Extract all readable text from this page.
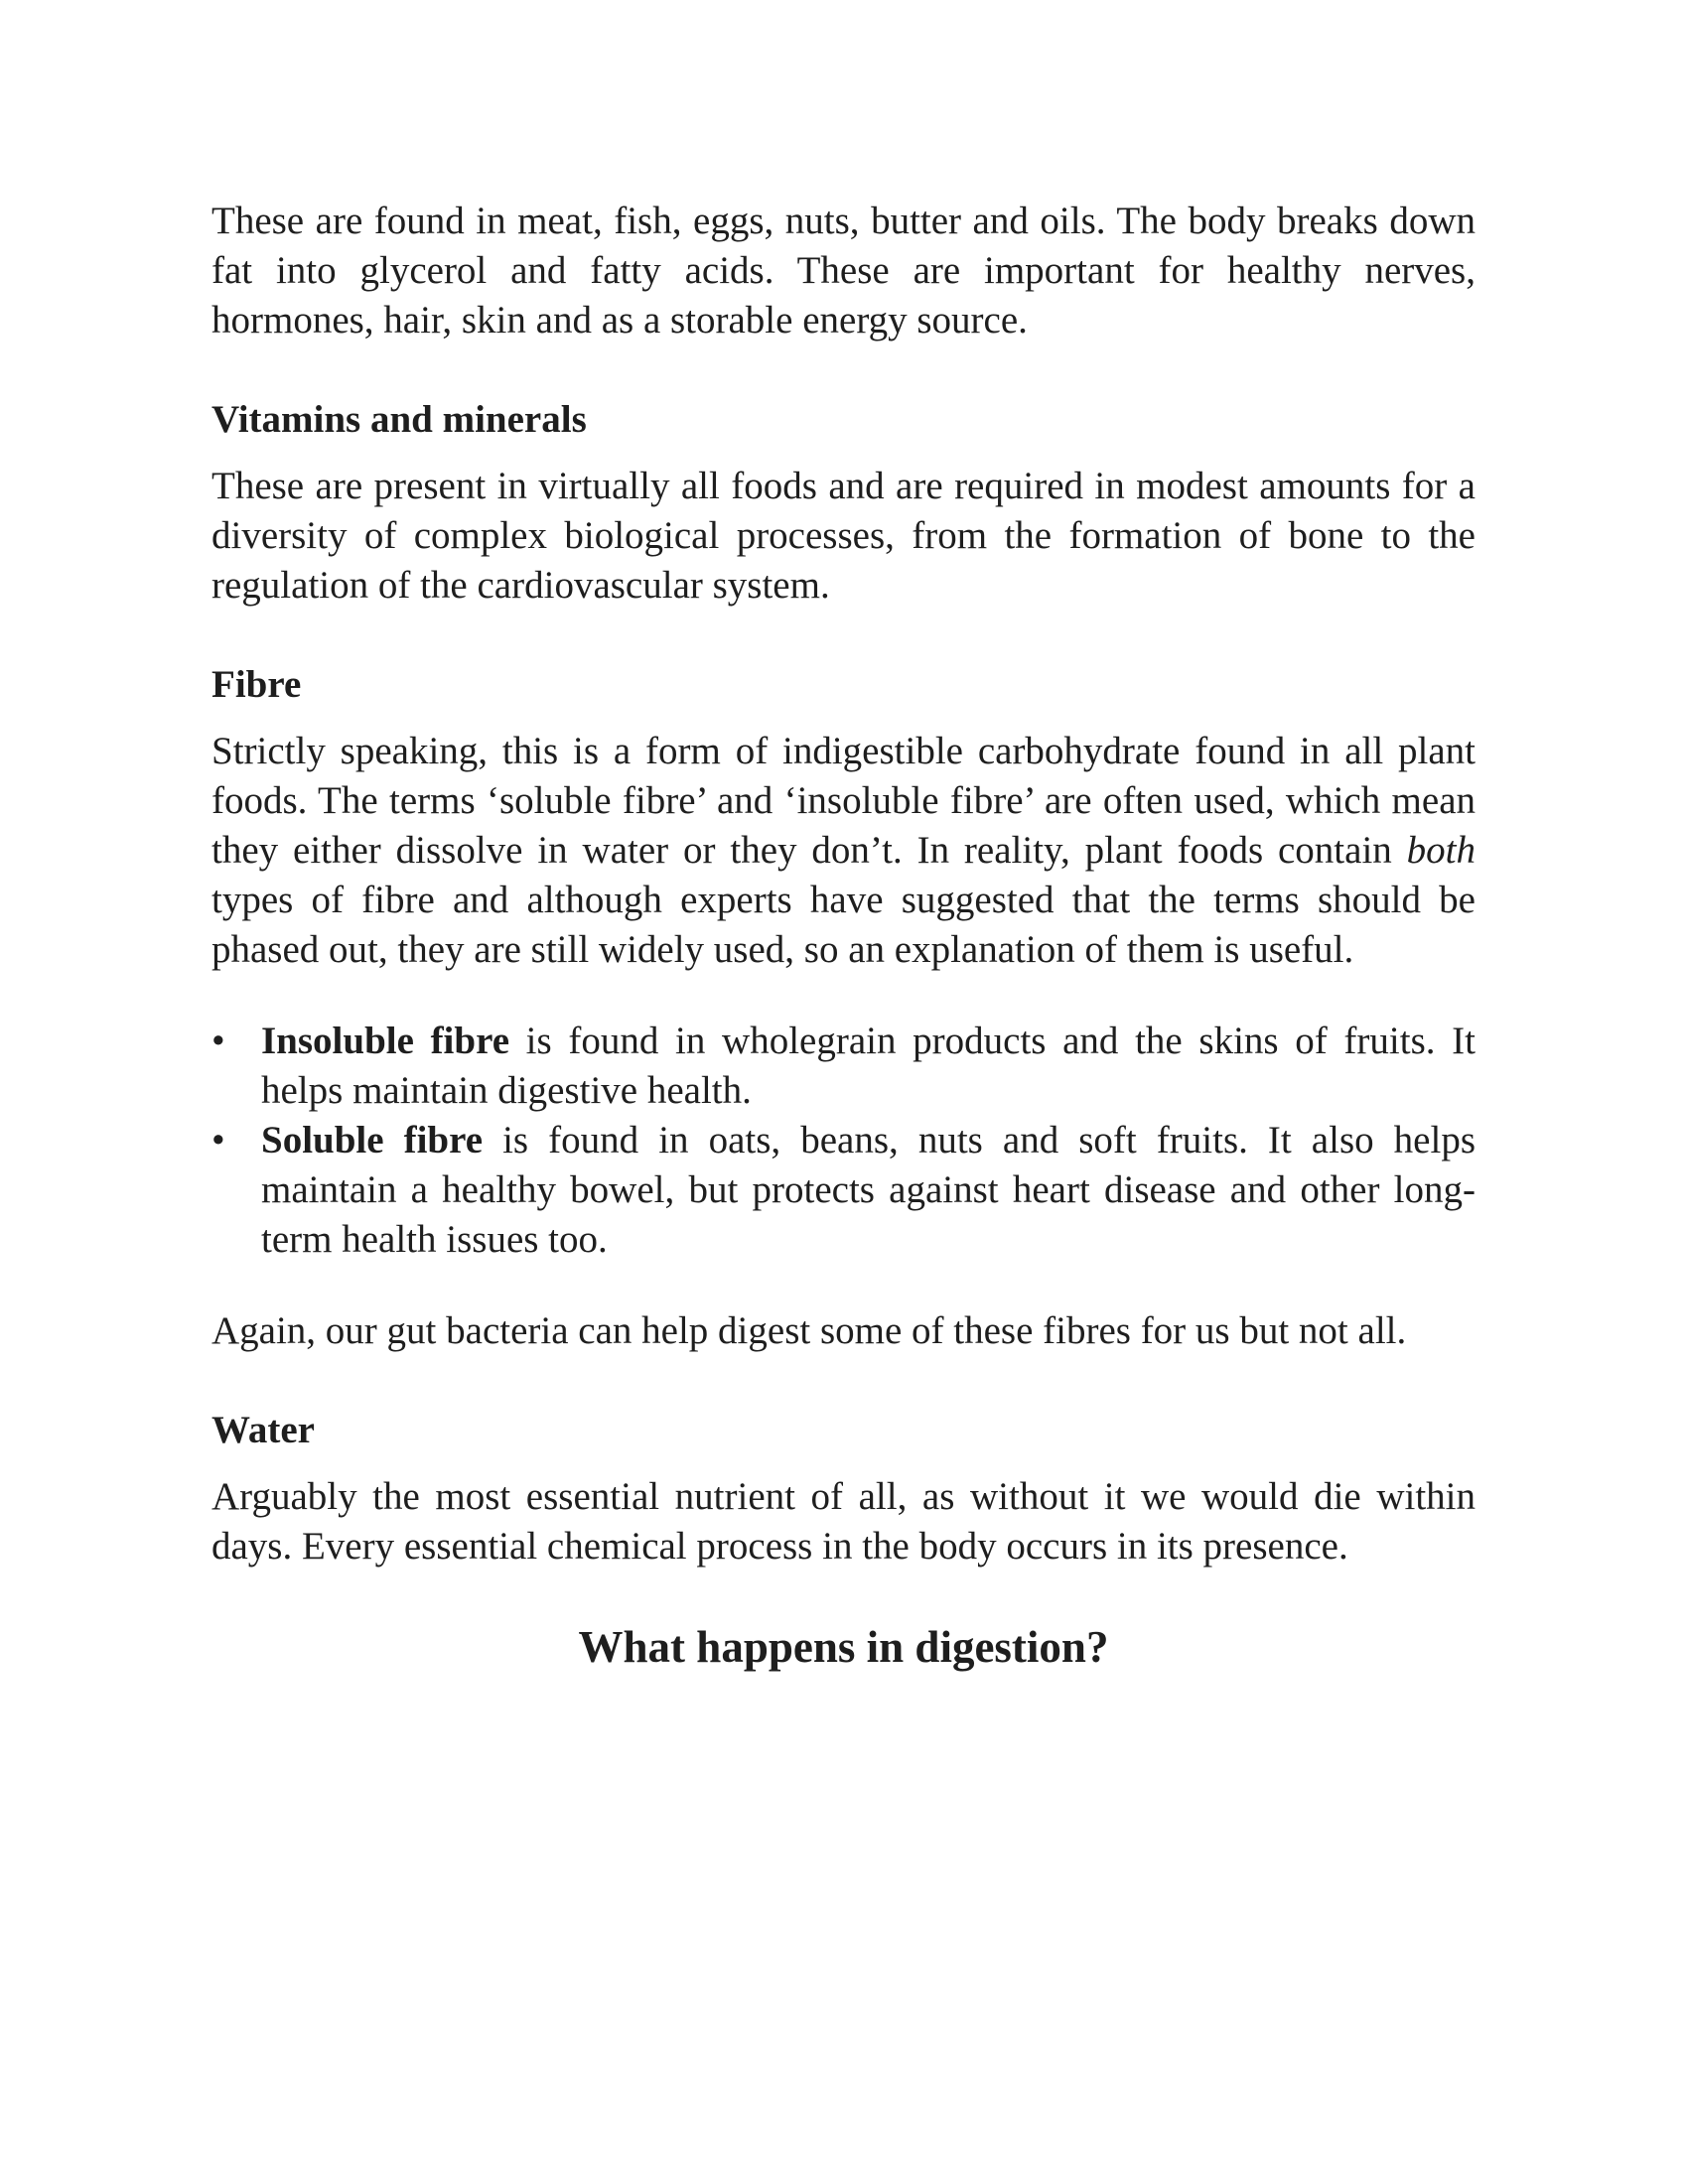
These are found in meat, fish, eggs, nuts, butter and oils. The body breaks down fat into glycerol and fatty acids. These are important for healthy nerves, hormones, hair, skin and as a storable energy source.

Vitamins and minerals

These are present in virtually all foods and are required in modest amounts for a diversity of complex biological processes, from the formation of bone to the regulation of the cardiovascular system.

Fibre

Strictly speaking, this is a form of indigestible carbohydrate found in all plant foods. The terms ‘soluble fibre’ and ‘insoluble fibre’ are often used, which mean they either dissolve in water or they don’t. In reality, plant foods contain both types of fibre and although experts have suggested that the terms should be phased out, they are still widely used, so an explanation of them is useful.

• Insoluble fibre is found in wholegrain products and the skins of fruits. It helps maintain digestive health.
• Soluble fibre is found in oats, beans, nuts and soft fruits. It also helps maintain a healthy bowel, but protects against heart disease and other long-term health issues too.

Again, our gut bacteria can help digest some of these fibres for us but not all.

Water

Arguably the most essential nutrient of all, as without it we would die within days. Every essential chemical process in the body occurs in its presence.

What happens in digestion?
